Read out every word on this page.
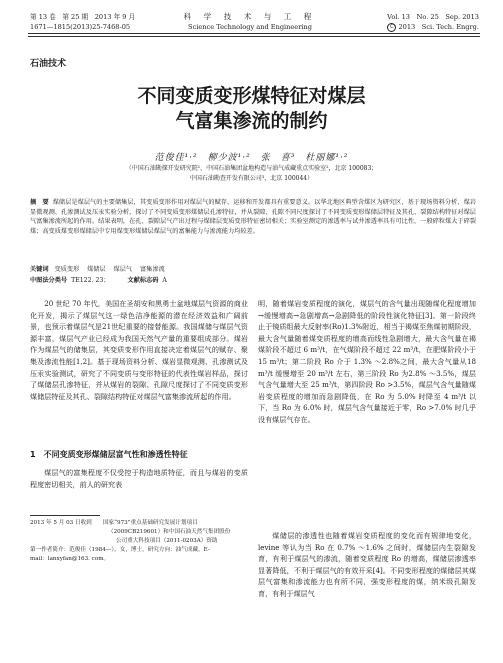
第 13 卷　第 25 期　2013 年 9 月
1671—1815(2013)25-7468-05
科 学 技 术 与 工 程
Science Technology and Engineering
Vol. 13　No. 25　Sep. 2013
C 2013　Sci. Tech. Engrg.
石油技术
不同变质变形煤特征对煤层
气富集渗流的制约
范俊佳¹·²　柳少波¹·²　张　喜³　杜丽娜¹·²
（中国石油勘探开发研究院¹，中国石油集团盆地构造与油气成藏重点实验室²，北京 100083；
中国石油勘查开发有限公司³，北京 100044）
摘　要 煤储层是煤层气的主要储集层，其变质变形作用对煤层气的赋存、运移和开发都具有重要意义。以华北地区典型含煤区为研究区，基于现场资料分析、煤岩显微观测、孔渗测试及压汞实验分析，探讨了不同变质变形煤储层孔渗特征，并从裂隙、孔隙不同尺度探讨了不同变质变形煤储层特征及其孔、裂隙结构特征对煤层气富集渗流所起的作用。结果表明，在孔、裂隙层气产出过程与煤储层变质变形特征密切相关；实验室测定的渗透率与试井渗透率具有可比性，一般碎粒煤大于碎裂煤；高变质煤变形煤储层中专用煤变形煤储层煤层气的富集能力与渗流能力均较差。
关键词 变质变形 煤储层 煤层气 富集渗流
中图法分类号 TE122. 23；	文献标志码 A

20 世纪 70 年代，美国在圣胡安和黑勇士盆地煤层气资源的商业化开发，揭示了煤层气这一绿色洁净能源的潜在经济效益和广阔前景，也预示着煤层气是21世纪重要的接替能源。我国煤储与煤层气资源丰富，煤层气产业已经成为我国天然气产量的重要组成部分。煤岩作为煤层气的储集层，其变质变形作用直接决定着煤层气的赋存、聚集及渗流性能[1,2]。基于现场资料分析、煤岩显微观测、孔渗测试及压汞实验测试，研究了不同变质与变形特征的代表性煤岩样品，探讨了煤储层孔渗特征，并从煤岩的裂隙、孔隙尺度探讨了不同变质变形煤储层特征及其孔、裂隙结构特征对煤层气富集渗流所起的作用。

1　不同变质变形煤储层富气性和渗透性特征

煤层气的富集程度不仅受控于构造地质特征，而且与煤岩的变质程度密切相关，前人的研究表

2013 年 5 月 03 日收到　　国家“973”重点基础研究发展计划项目
（2009CB219601）和中国石油天然气集团股份
公司重大科技项目（2011-0203A）资助
第一作者简介：范俊佳（1984—），女，博士，研究方向：油气成藏。E-
mail：lanxyfan@163. com。

明，随着煤岩变质程度的演化，煤层气的含气量出现随煤化程度增加→缓慢增高→急剧增高→急剧降低的阶段性演化特征[3]。第一阶段终止于镜质组最大反射率(Ro)1.3%附近，相当于褐煤至焦煤初期阶段，最大含气量随着煤变质程度的增高而线性急剧增大，最大含气量在褐煤阶段不超过 6 m³/t，在气煤阶段不超过 22 m³/t，在肥煤阶段小于 15 m³/t；第二阶段 Ro 介于 1.3% ～2.8%之间，最大含气量从18 m³/t 缓慢增至 20 m³/t 左右，第三阶段 Ro 为2.8% ～3.5%，煤层气含气量增大至 25 m³/t，第四阶段 Ro >3.5%，煤层气含气量随煤岩变质程度的增加而急剧降低，在 Ro 为 5.0% 时降至 4 m³/t 以下，当 Ro 为 6.0% 时，煤层气含气量接近于零，Ro >7.0% 时几乎没有煤层气存在。

煤储层的渗透性也随着煤岩变质程度的变化而有规律地变化，levine 等认为当 Ro 在 0.7% ～1.6% 之间时，煤储层内生裂隙发育，有利于煤层气的渗流，随着变质程度 Ro 的增高，煤储层渗透率显著降低，不利于煤层气的有效开采[4]。不同变形程度的煤储层其煤层气富集和渗流能力也有所不同，强变形程度的煤，纳米级孔隙发育，有利于煤层气
